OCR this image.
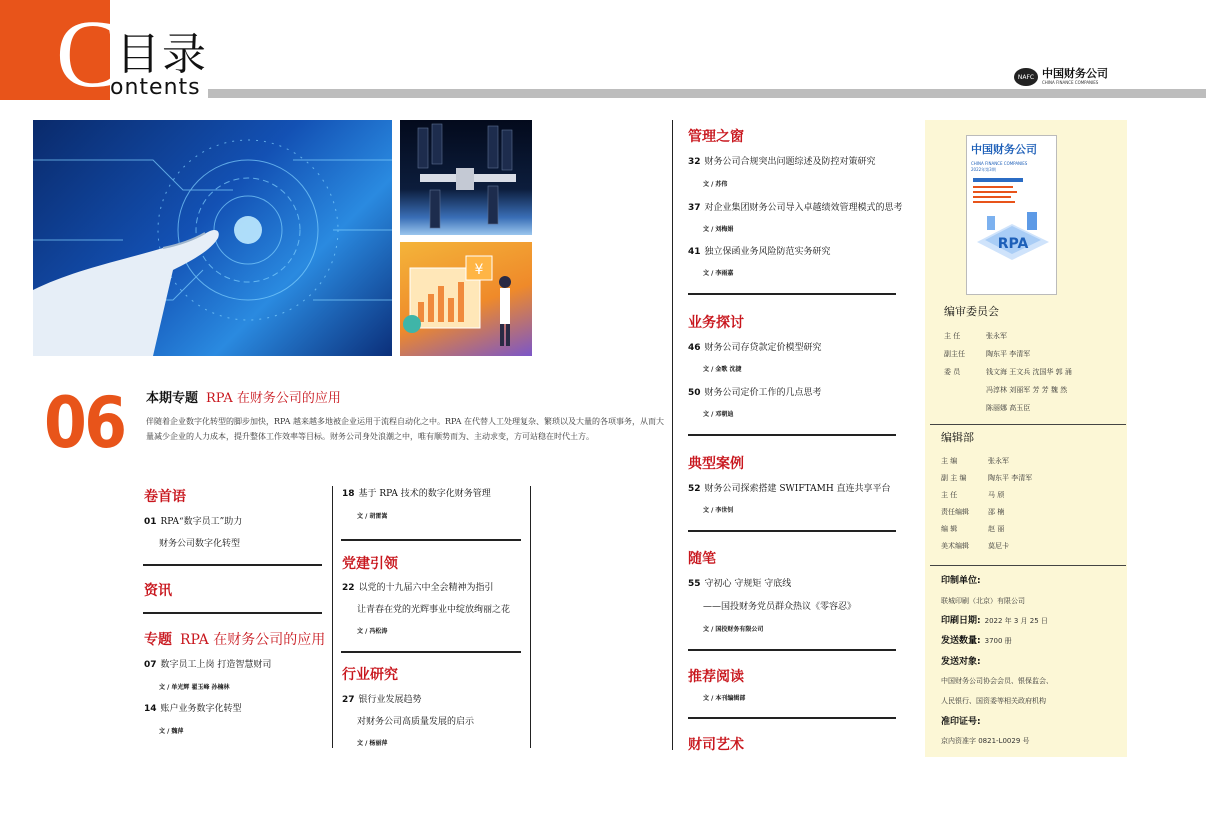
C
目录
ontents	NAFC 中国财务公司
CHINA FINANCE COMPANIES
¥
06 本期专题 RPA 在财务公司的应用
伴随着企业数字化转型的脚步加快，RPA 越来越多地被企业运用于流程自动化之中。RPA 在代替人工处理复杂、繁琐以及大量的各项事务，从而大量减少企业的人力成本，提升整体工作效率等目标。财务公司身处浪潮之中，唯有顺势而为、主动求变，方可站稳在时代土方。
卷首语
01 RPA“数字员工”助力
财务公司数字化转型
资讯
专题 RPA 在财务公司的应用
07 数字员工上岗 打造智慧财司
文 / 单光辉 翟玉峰 孙楠林
14 账户业务数字化转型
文 / 魏萍
18 基于 RPA 技术的数字化财务管理
文 / 胡雷嵩
党建引领
22 以党的十九届六中全会精神为指引
让青春在党的光辉事业中绽放绚丽之花
文 / 冯松涛
行业研究
27 银行业发展趋势
对财务公司高质量发展的启示
文 / 杨丽萍
管理之窗
32 财务公司合规突出问题综述及防控对策研究
文 / 苏伟
37 对企业集团财务公司导入卓越绩效管理模式的思考
文 / 刘梅娟
41 独立保函业务风险防范实务研究
文 / 李雨嘉
业务探讨
46 财务公司存贷款定价模型研究
文 / 金歌 沈捷
50 财务公司定价工作的几点思考
文 / 邓朝迪
典型案例
52 财务公司探索搭建 SWIFTAMH 直连共享平台
文 / 李世钊
随笔
55 守初心 守规矩 守底线
——国投财务党员群众热议《零容忍》
文 / 国投财务有限公司
推荐阅读
文 / 本刊编辑部
财司艺术
中国财务公司
CHINA FINANCE COMPANIES
2022年第3期
RPA
编审委员会
主 任	张永军
副主任	陶东平 李清军
委 员	钱文海 王文兵 沈国华 郭 涌
冯淳林 刘丽军 芳 芳 魏 然
陈丽娜 高玉臣
编辑部
主 编	张永军
副 主 编	陶东平 李清军
主 任	马 颀
责任编辑	邵 楠
编 辑	赵 丽
美术编辑	莫尼卡
印制单位:
联城印刷（北京）有限公司
印刷日期: 2022 年 3 月 25 日
发送数量: 3700 册
发送对象:
中国财务公司协会会员、银保监会、
人民银行、国资委等相关政府机构
准印证号:
京内资准字 0821-L0029 号
